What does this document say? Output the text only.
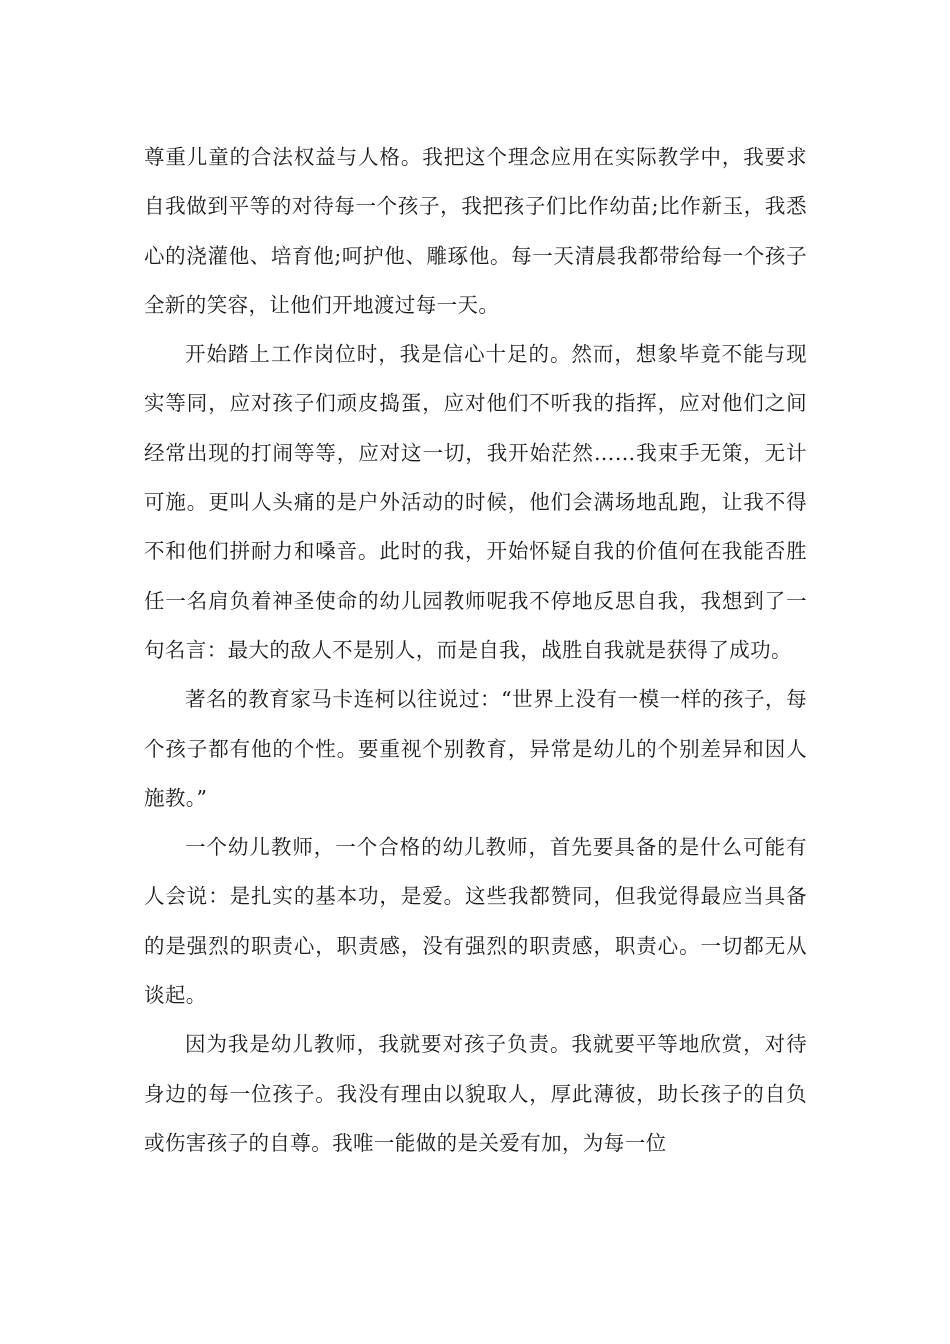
尊重儿童的合法权益与人格。我把这个理念应用在实际教学中，我要求自我做到平等的对待每一个孩子，我把孩子们比作幼苗;比作新玉，我悉心的浇灌他、培育他;呵护他、雕琢他。每一天清晨我都带给每一个孩子全新的笑容，让他们开地渡过每一天。

开始踏上工作岗位时，我是信心十足的。然而，想象毕竟不能与现实等同，应对孩子们顽皮捣蛋，应对他们不听我的指挥，应对他们之间经常出现的打闹等等，应对这一切，我开始茫然……我束手无策，无计可施。更叫人头痛的是户外活动的时候，他们会满场地乱跑，让我不得不和他们拼耐力和嗓音。此时的我，开始怀疑自我的价值何在我能否胜任一名肩负着神圣使命的幼儿园教师呢我不停地反思自我，我想到了一句名言：最大的敌人不是别人，而是自我，战胜自我就是获得了成功。

著名的教育家马卡连柯以往说过：“世界上没有一模一样的孩子，每个孩子都有他的个性。要重视个别教育，异常是幼儿的个别差异和因人施教。”

一个幼儿教师，一个合格的幼儿教师，首先要具备的是什么可能有人会说：是扎实的基本功，是爱。这些我都赞同，但我觉得最应当具备的是强烈的职责心，职责感，没有强烈的职责感，职责心。一切都无从谈起。

因为我是幼儿教师，我就要对孩子负责。我就要平等地欣赏，对待身边的每一位孩子。我没有理由以貌取人，厚此薄彼，助长孩子的自负或伤害孩子的自尊。我唯一能做的是关爱有加，为每一位
